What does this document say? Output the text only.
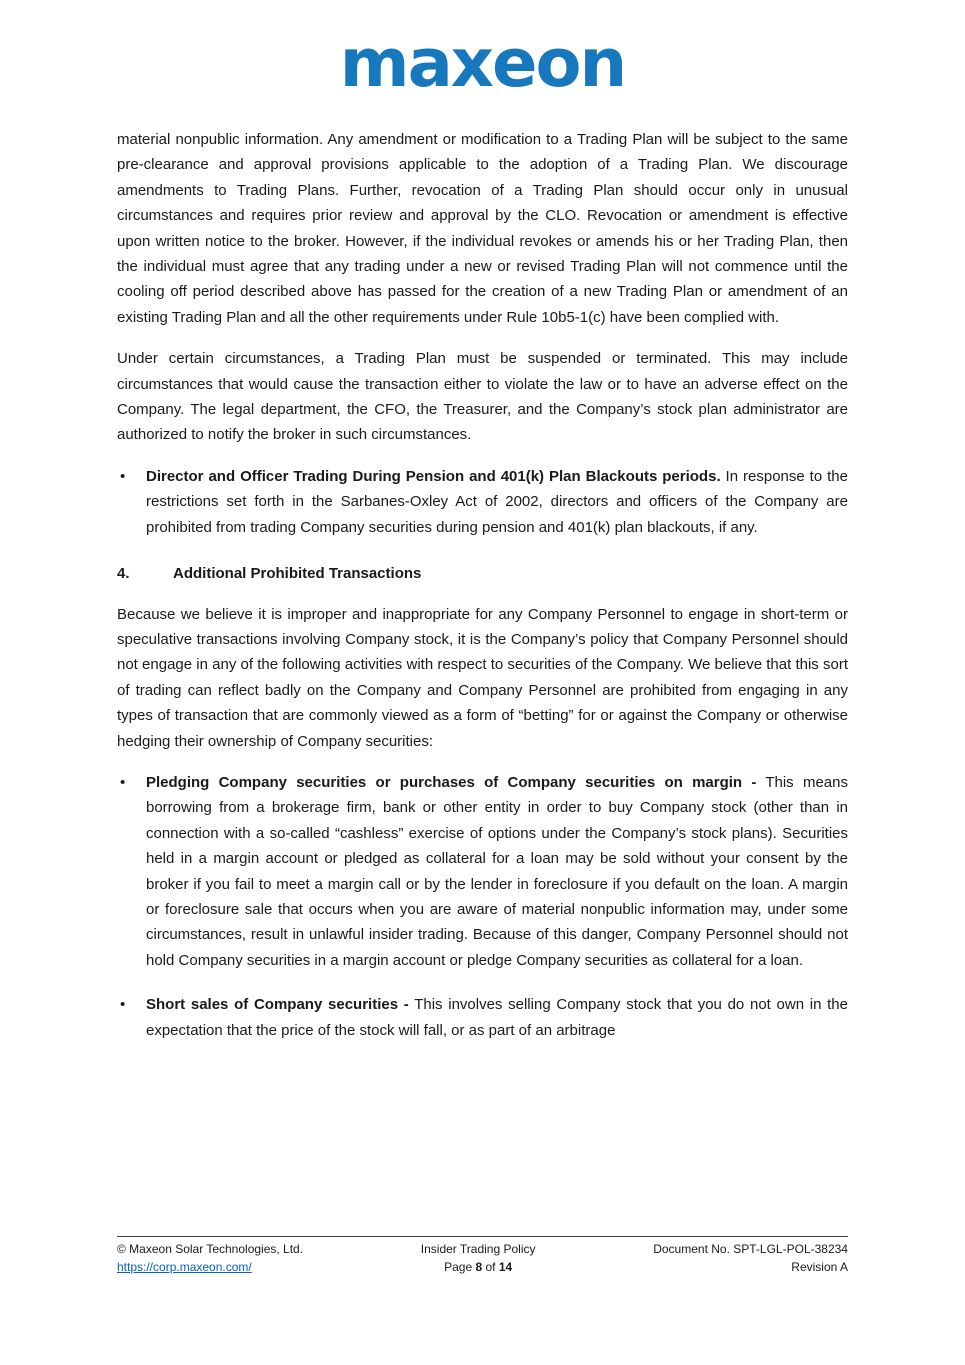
maxeon

material nonpublic information. Any amendment or modification to a Trading Plan will be subject to the same pre-clearance and approval provisions applicable to the adoption of a Trading Plan. We discourage amendments to Trading Plans. Further, revocation of a Trading Plan should occur only in unusual circumstances and requires prior review and approval by the CLO. Revocation or amendment is effective upon written notice to the broker. However, if the individual revokes or amends his or her Trading Plan, then the individual must agree that any trading under a new or revised Trading Plan will not commence until the cooling off period described above has passed for the creation of a new Trading Plan or amendment of an existing Trading Plan and all the other requirements under Rule 10b5-1(c) have been complied with.

Under certain circumstances, a Trading Plan must be suspended or terminated. This may include circumstances that would cause the transaction either to violate the law or to have an adverse effect on the Company. The legal department, the CFO, the Treasurer, and the Company’s stock plan administrator are authorized to notify the broker in such circumstances.

• Director and Officer Trading During Pension and 401(k) Plan Blackouts periods. In response to the restrictions set forth in the Sarbanes-Oxley Act of 2002, directors and officers of the Company are prohibited from trading Company securities during pension and 401(k) plan blackouts, if any.

4.	Additional Prohibited Transactions

Because we believe it is improper and inappropriate for any Company Personnel to engage in short-term or speculative transactions involving Company stock, it is the Company’s policy that Company Personnel should not engage in any of the following activities with respect to securities of the Company. We believe that this sort of trading can reflect badly on the Company and Company Personnel are prohibited from engaging in any types of transaction that are commonly viewed as a form of “betting” for or against the Company or otherwise hedging their ownership of Company securities:

• Pledging Company securities or purchases of Company securities on margin - This means borrowing from a brokerage firm, bank or other entity in order to buy Company stock (other than in connection with a so-called “cashless” exercise of options under the Company’s stock plans). Securities held in a margin account or pledged as collateral for a loan may be sold without your consent by the broker if you fail to meet a margin call or by the lender in foreclosure if you default on the loan. A margin or foreclosure sale that occurs when you are aware of material nonpublic information may, under some circumstances, result in unlawful insider trading. Because of this danger, Company Personnel should not hold Company securities in a margin account or pledge Company securities as collateral for a loan.

• Short sales of Company securities - This involves selling Company stock that you do not own in the expectation that the price of the stock will fall, or as part of an arbitrage

© Maxeon Solar Technologies, Ltd.
https://corp.maxeon.com/
Insider Trading Policy
Page 8 of 14
Document No. SPT-LGL-POL-38234
Revision A
